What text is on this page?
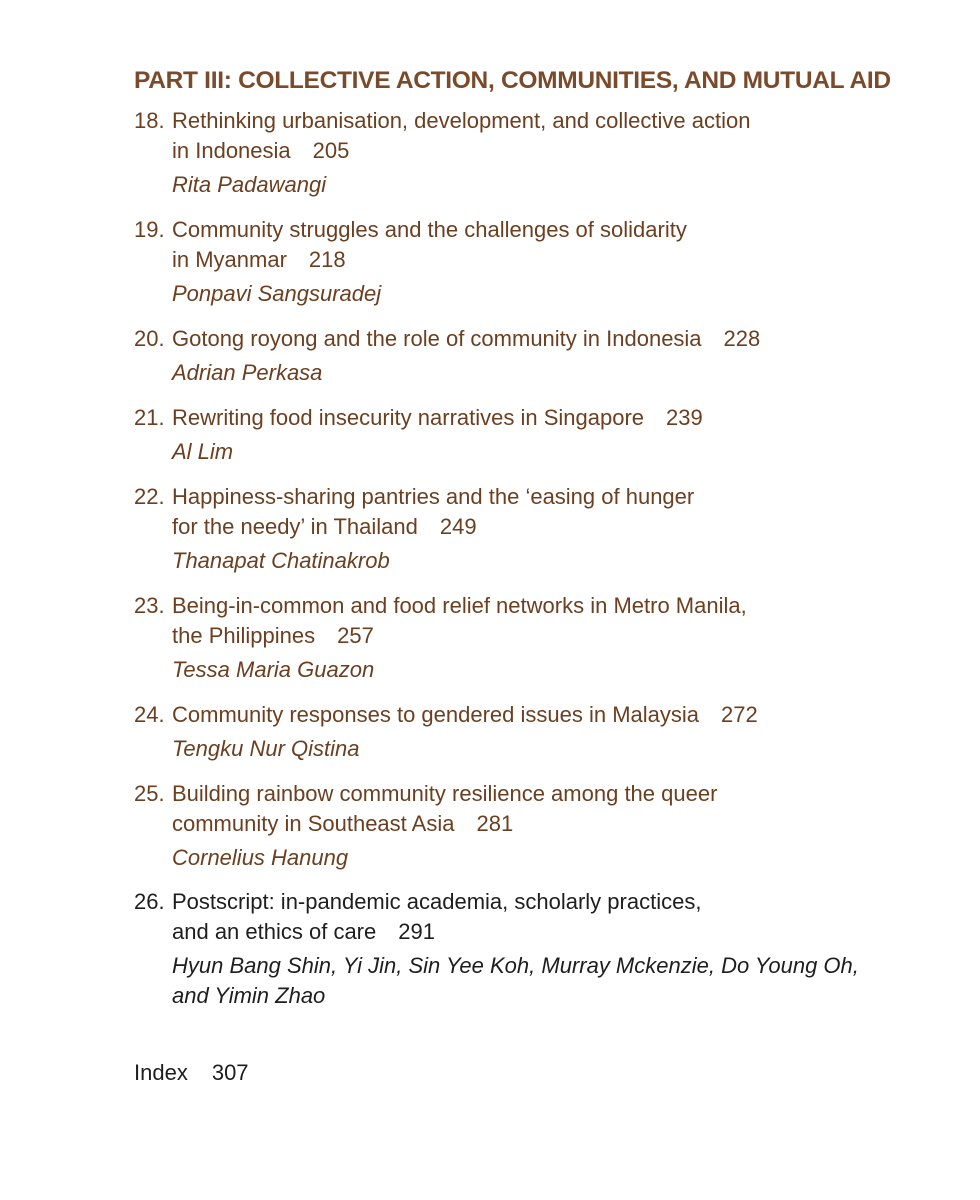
PART III: COLLECTIVE ACTION, COMMUNITIES, AND MUTUAL AID
18. Rethinking urbanisation, development, and collective action
in Indonesia 205
Rita Padawangi
19. Community struggles and the challenges of solidarity
in Myanmar 218
Ponpavi Sangsuradej
20. Gotong royong and the role of community in Indonesia 228
Adrian Perkasa
21. Rewriting food insecurity narratives in Singapore 239
Al Lim
22. Happiness-sharing pantries and the ‘easing of hunger
for the needy’ in Thailand 249
Thanapat Chatinakrob
23. Being-in-common and food relief networks in Metro Manila,
the Philippines 257
Tessa Maria Guazon
24. Community responses to gendered issues in Malaysia 272
Tengku Nur Qistina
25. Building rainbow community resilience among the queer
community in Southeast Asia 281
Cornelius Hanung
26. Postscript: in-pandemic academia, scholarly practices,
and an ethics of care 291
Hyun Bang Shin, Yi Jin, Sin Yee Koh, Murray Mckenzie, Do Young Oh,
and Yimin Zhao
Index 307
